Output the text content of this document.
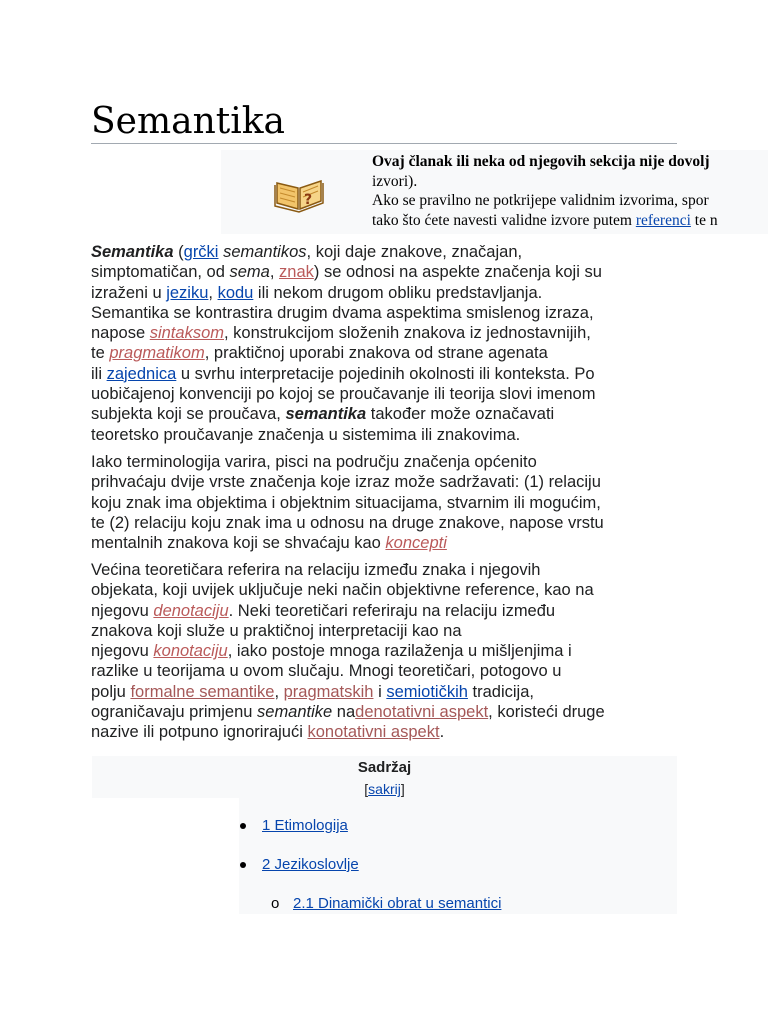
Semantika
?
Ovaj članak ili neka od njegovih sekcija nije dovolj
izvori).
Ako se pravilno ne potkrijepe validnim izvorima, spor
tako što ćete navesti validne izvore putem referenci te n
Semantika (grčki semantikos, koji daje znakove, značajan,
simptomatičan, od sema, znak) se odnosi na aspekte značenja koji su
izraženi u jeziku, kodu ili nekom drugom obliku predstavljanja.
Semantika se kontrastira drugim dvama aspektima smislenog izraza,
napose sintaksom, konstrukcijom složenih znakova iz jednostavnijih,
te pragmatikom, praktičnoj uporabi znakova od strane agenata
ili zajednica u svrhu interpretacije pojedinih okolnosti ili konteksta. Po
uobičajenoj konvenciji po kojoj se proučavanje ili teorija slovi imenom
subjekta koji se proučava, semantika također može označavati
teoretsko proučavanje značenja u sistemima ili znakovima.
Iako terminologija varira, pisci na području značenja općenito
prihvaćaju dvije vrste značenja koje izraz može sadržavati: (1) relaciju
koju znak ima objektima i objektnim situacijama, stvarnim ili mogućim,
te (2) relaciju koju znak ima u odnosu na druge znakove, napose vrstu
mentalnih znakova koji se shvaćaju kao koncepti
Većina teoretičara referira na relaciju između znaka i njegovih
objekata, koji uvijek uključuje neki način objektivne reference, kao na
njegovu denotaciju. Neki teoretičari referiraju na relaciju između
znakova koji služe u praktičnoj interpretaciji kao na
njegovu konotaciju, iako postoje mnoga razilaženja u mišljenjima i
razlike u teorijama u ovom slučaju. Mnogi teoretičari, potogovo u
polju formalne semantike, pragmatskih i semiotičkih tradicija,
ograničavaju primjenu semantike nadenotativni aspekt, koristeći druge
nazive ili potpuno ignorirajući konotativni aspekt.
Sadržaj
[sakrij]
1 Etimologija
2 Jezikoslovlje
o 2.1 Dinamički obrat u semantici
